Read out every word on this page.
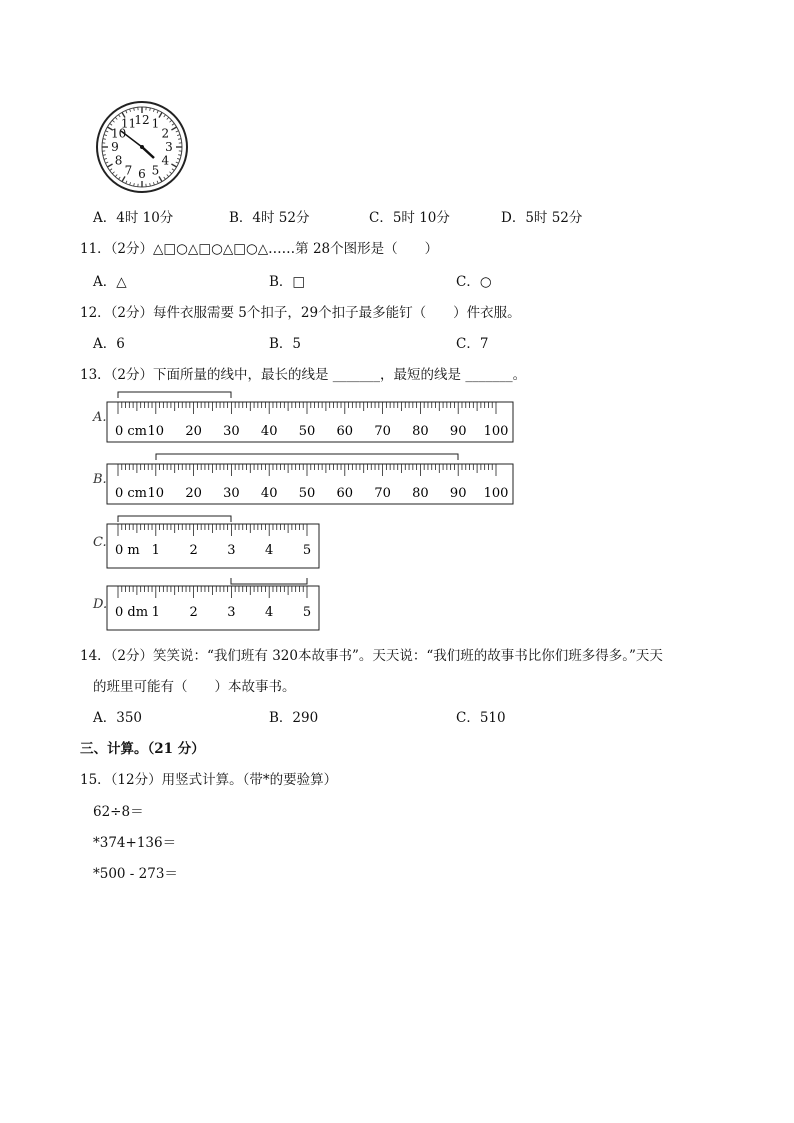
12 1
2
3
4
5
6
7
8
9
10
11
A．4时 10分	B．4时 52分	C．5时 10分	D．5时 52分
11．（2分）△□○△□○△□○△……第 28个图形是（　　）
A．△	B．□	C．○
12．（2分）每件衣服需要 5个扣子，29个扣子最多能钉（　　）件衣服。
A．6	B．5	C．7
13．（2分）下面所量的线中，最长的线是 _______，最短的线是 _______。
A.
0 cm 10 20 30 40 50 60 70 80 90 100
B.
0 cm 10 20 30 40 50 60 70 80 90 100
C.
0 m 1 2 3 4 5
D.
0 dm 1 2 3 4 5
14．（2分）笑笑说：“我们班有 320本故事书”。天天说：“我们班的故事书比你们班多得多。”天天
的班里可能有（　　）本故事书。
A．350	B．290	C．510
三、计算。（21 分）
15．（12分）用竖式计算。（带*的要验算）
62÷8＝
*374+136＝
*500 - 273＝
